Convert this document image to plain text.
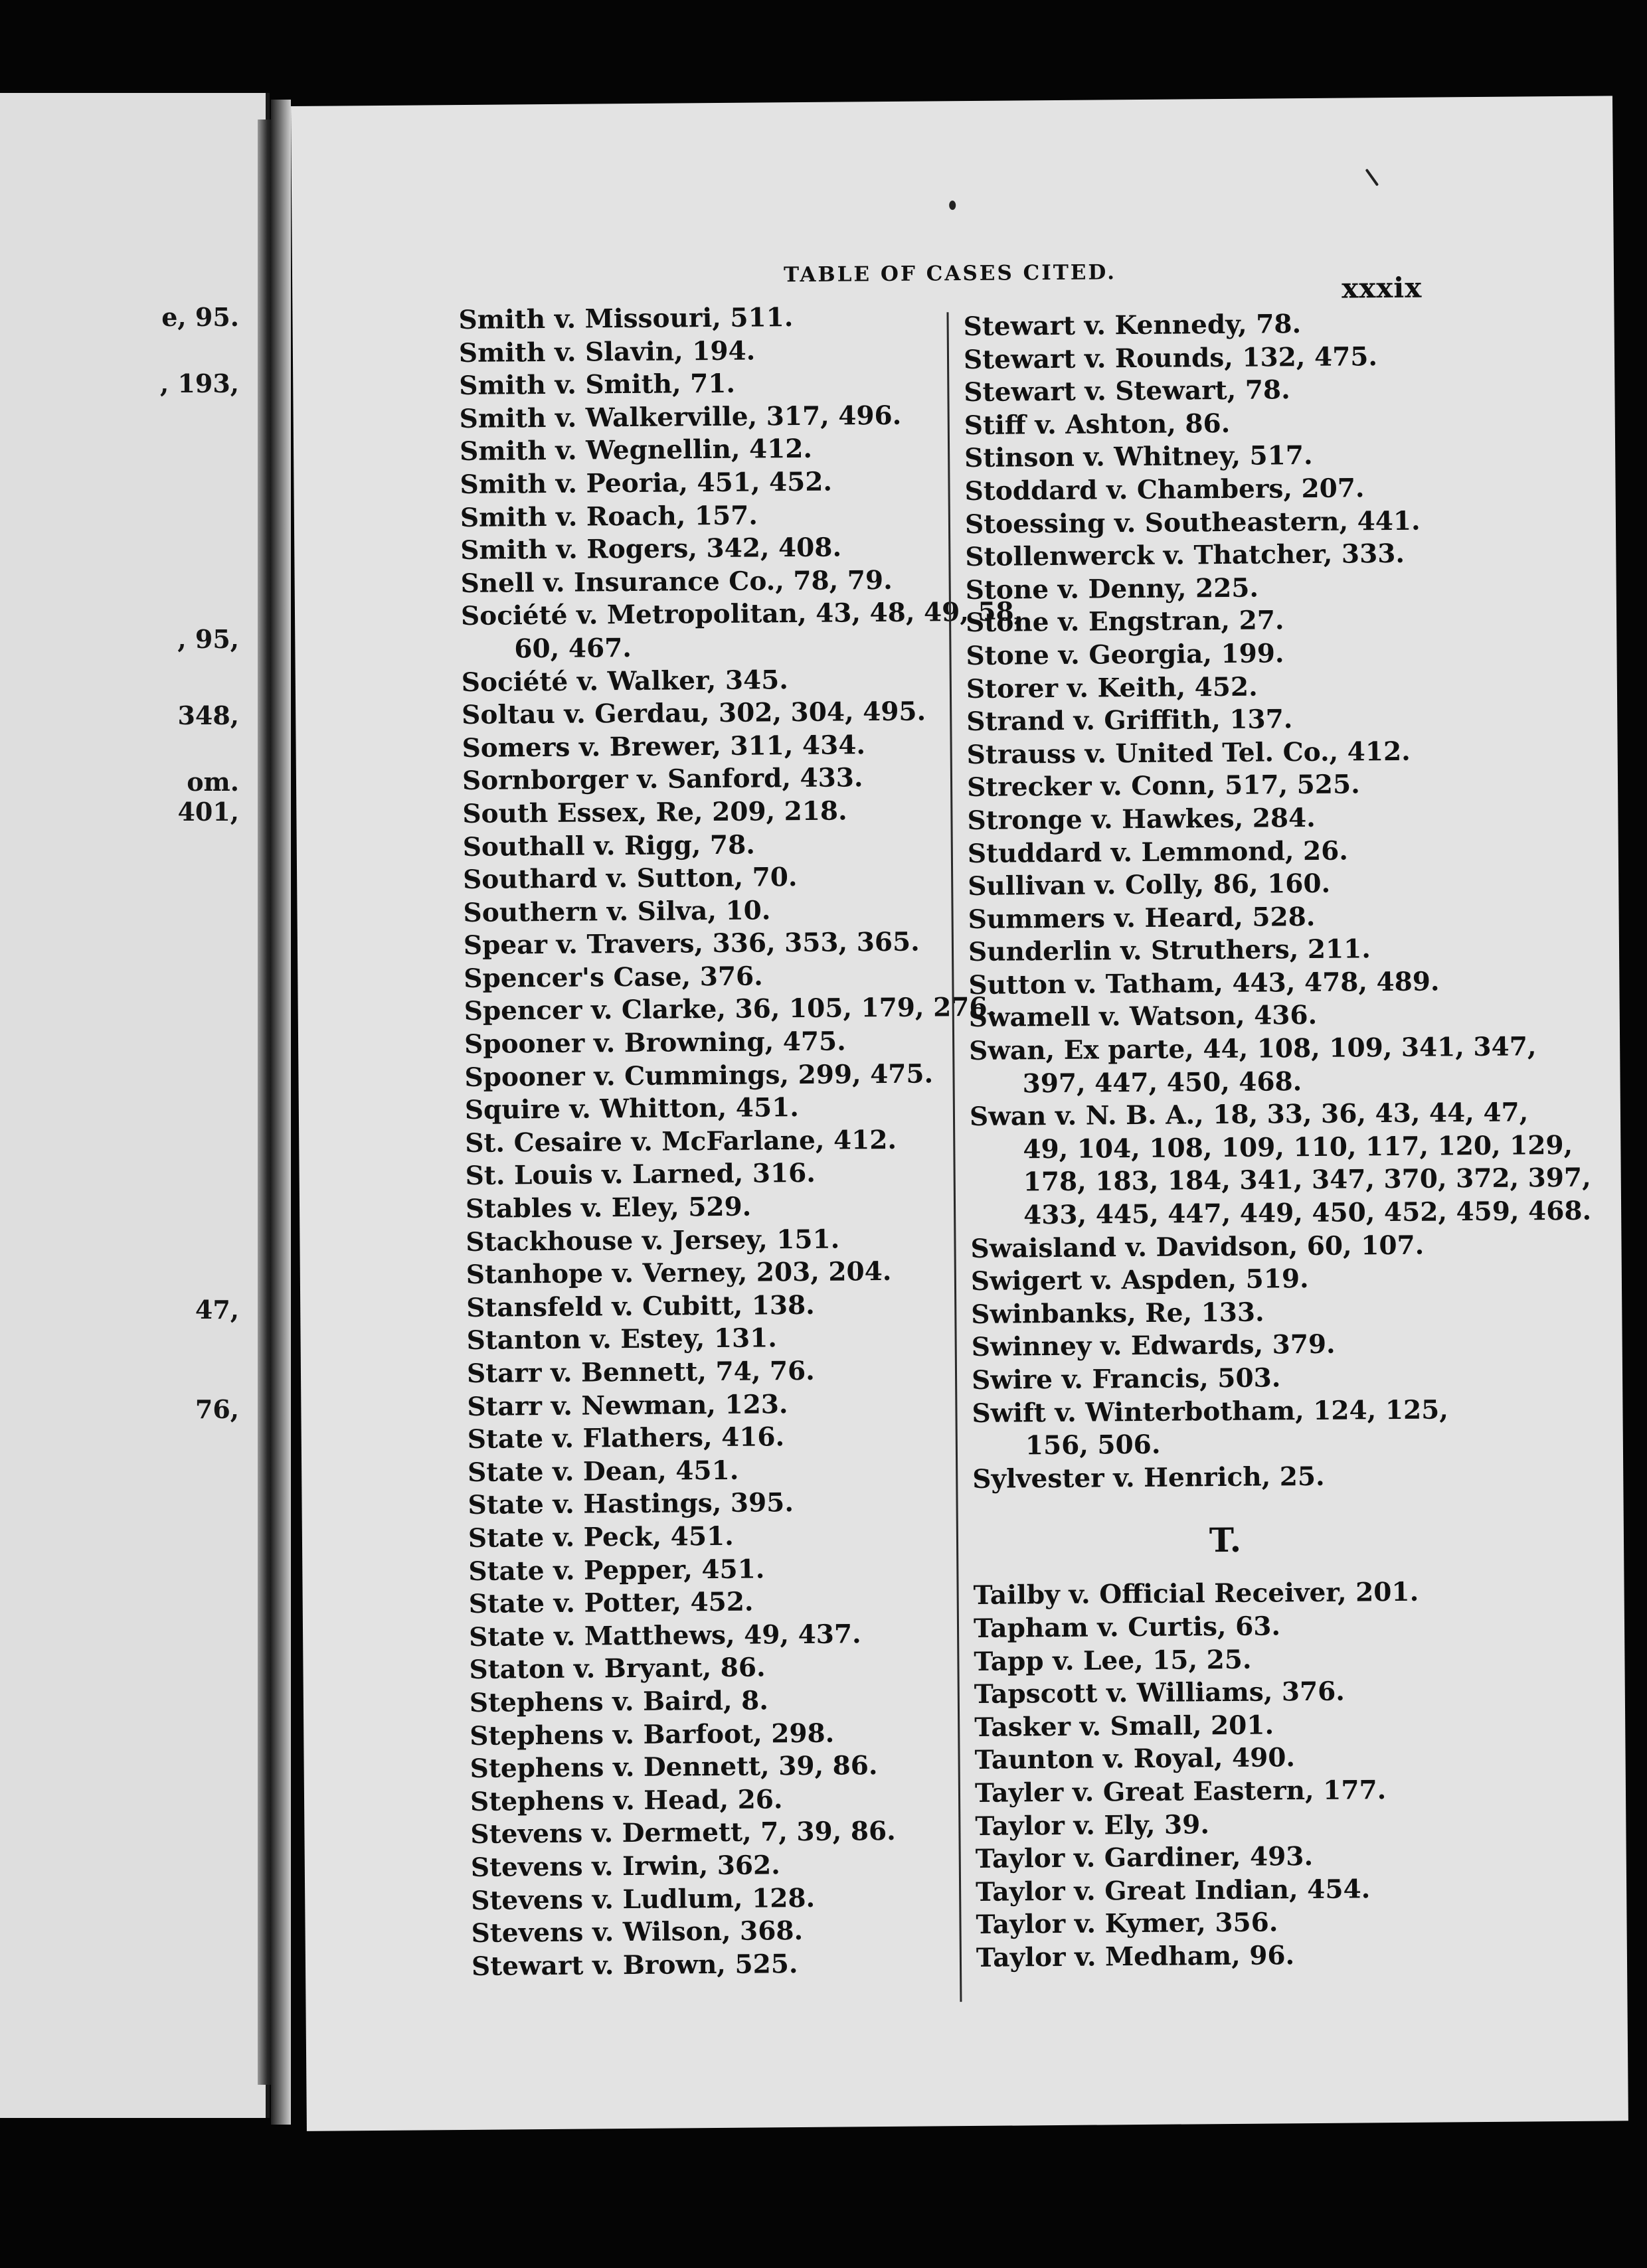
e, 95.
, 193,
, 95,
348,
om.
401,
47,
76,
TABLE OF CASES CITED.	xxxix
Smith v. Missouri, 511.
Smith v. Slavin, 194.
Smith v. Smith, 71.
Smith v. Walkerville, 317, 496.
Smith v. Wegnellin, 412.
Smith v. Peoria, 451, 452.
Smith v. Roach, 157.
Smith v. Rogers, 342, 408.
Snell v. Insurance Co., 78, 79.
Société v. Metropolitan, 43, 48, 49, 58,
60, 467.
Société v. Walker, 345.
Soltau v. Gerdau, 302, 304, 495.
Somers v. Brewer, 311, 434.
Sornborger v. Sanford, 433.
South Essex, Re, 209, 218.
Southall v. Rigg, 78.
Southard v. Sutton, 70.
Southern v. Silva, 10.
Spear v. Travers, 336, 353, 365.
Spencer's Case, 376.
Spencer v. Clarke, 36, 105, 179, 276.
Spooner v. Browning, 475.
Spooner v. Cummings, 299, 475.
Squire v. Whitton, 451.
St. Cesaire v. McFarlane, 412.
St. Louis v. Larned, 316.
Stables v. Eley, 529.
Stackhouse v. Jersey, 151.
Stanhope v. Verney, 203, 204.
Stansfeld v. Cubitt, 138.
Stanton v. Estey, 131.
Starr v. Bennett, 74, 76.
Starr v. Newman, 123.
State v. Flathers, 416.
State v. Dean, 451.
State v. Hastings, 395.
State v. Peck, 451.
State v. Pepper, 451.
State v. Potter, 452.
State v. Matthews, 49, 437.
Staton v. Bryant, 86.
Stephens v. Baird, 8.
Stephens v. Barfoot, 298.
Stephens v. Dennett, 39, 86.
Stephens v. Head, 26.
Stevens v. Dermett, 7, 39, 86.
Stevens v. Irwin, 362.
Stevens v. Ludlum, 128.
Stevens v. Wilson, 368.
Stewart v. Brown, 525.
Stewart v. Kennedy, 78.
Stewart v. Rounds, 132, 475.
Stewart v. Stewart, 78.
Stiff v. Ashton, 86.
Stinson v. Whitney, 517.
Stoddard v. Chambers, 207.
Stoessing v. Southeastern, 441.
Stollenwerck v. Thatcher, 333.
Stone v. Denny, 225.
Stone v. Engstran, 27.
Stone v. Georgia, 199.
Storer v. Keith, 452.
Strand v. Griffith, 137.
Strauss v. United Tel. Co., 412.
Strecker v. Conn, 517, 525.
Stronge v. Hawkes, 284.
Studdard v. Lemmond, 26.
Sullivan v. Colly, 86, 160.
Summers v. Heard, 528.
Sunderlin v. Struthers, 211.
Sutton v. Tatham, 443, 478, 489.
Swamell v. Watson, 436.
Swan, Ex parte, 44, 108, 109, 341, 347,
397, 447, 450, 468.
Swan v. N. B. A., 18, 33, 36, 43, 44, 47,
49, 104, 108, 109, 110, 117, 120, 129,
178, 183, 184, 341, 347, 370, 372, 397,
433, 445, 447, 449, 450, 452, 459, 468.
Swaisland v. Davidson, 60, 107.
Swigert v. Aspden, 519.
Swinbanks, Re, 133.
Swinney v. Edwards, 379.
Swire v. Francis, 503.
Swift v. Winterbotham, 124, 125,
156, 506.
Sylvester v. Henrich, 25.
T.
Tailby v. Official Receiver, 201.
Tapham v. Curtis, 63.
Tapp v. Lee, 15, 25.
Tapscott v. Williams, 376.
Tasker v. Small, 201.
Taunton v. Royal, 490.
Tayler v. Great Eastern, 177.
Taylor v. Ely, 39.
Taylor v. Gardiner, 493.
Taylor v. Great Indian, 454.
Taylor v. Kymer, 356.
Taylor v. Medham, 96.
